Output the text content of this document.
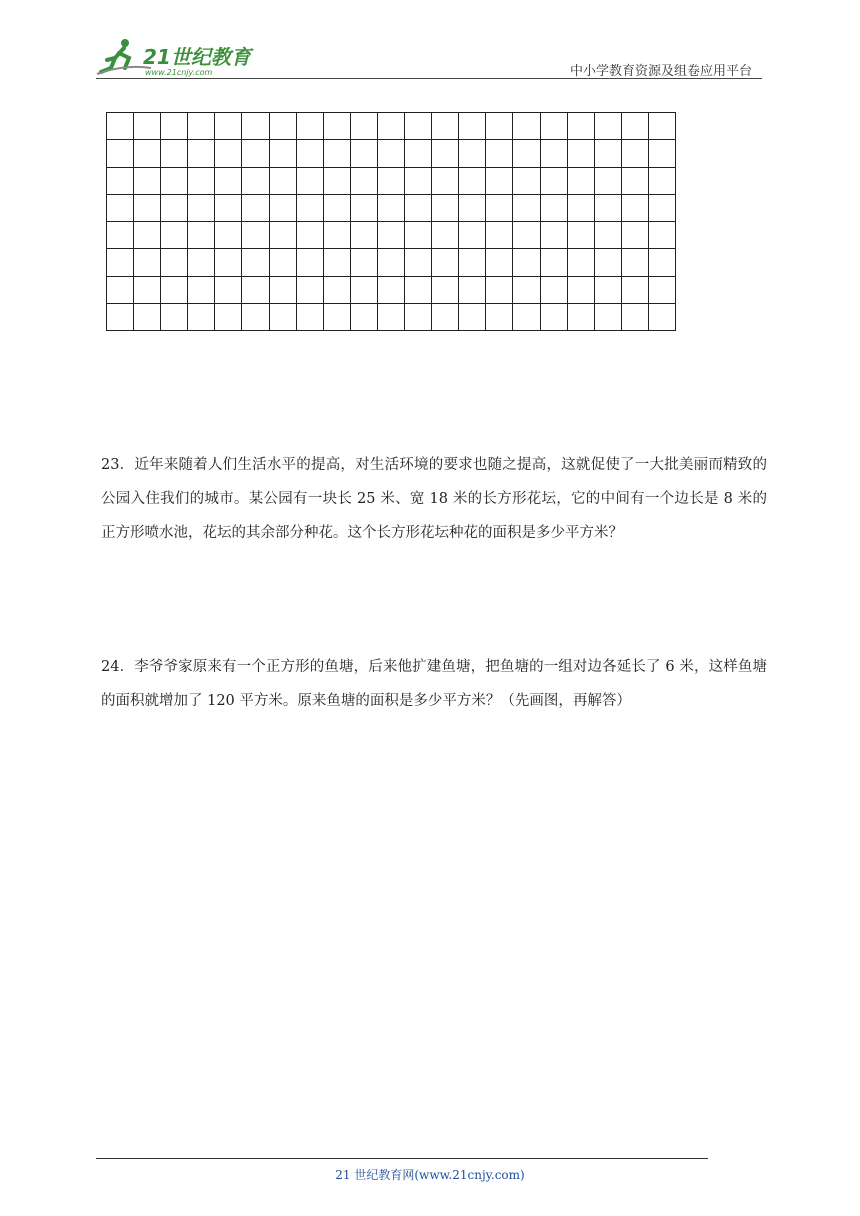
21世纪教育
www.21cnjy.com	中小学教育资源及组卷应用平台
23．近年来随着人们生活水平的提高，对生活环境的要求也随之提高，这就促使了一大批美丽而精致的公园入住我们的城市。某公园有一块长 25 米、宽 18 米的长方形花坛，它的中间有一个边长是 8 米的正方形喷水池，花坛的其余部分种花。这个长方形花坛种花的面积是多少平方米？
24．李爷爷家原来有一个正方形的鱼塘，后来他扩建鱼塘，把鱼塘的一组对边各延长了 6 米，这样鱼塘的面积就增加了 120 平方米。原来鱼塘的面积是多少平方米？（先画图，再解答）
21 世纪教育网(www.21cnjy.com)
